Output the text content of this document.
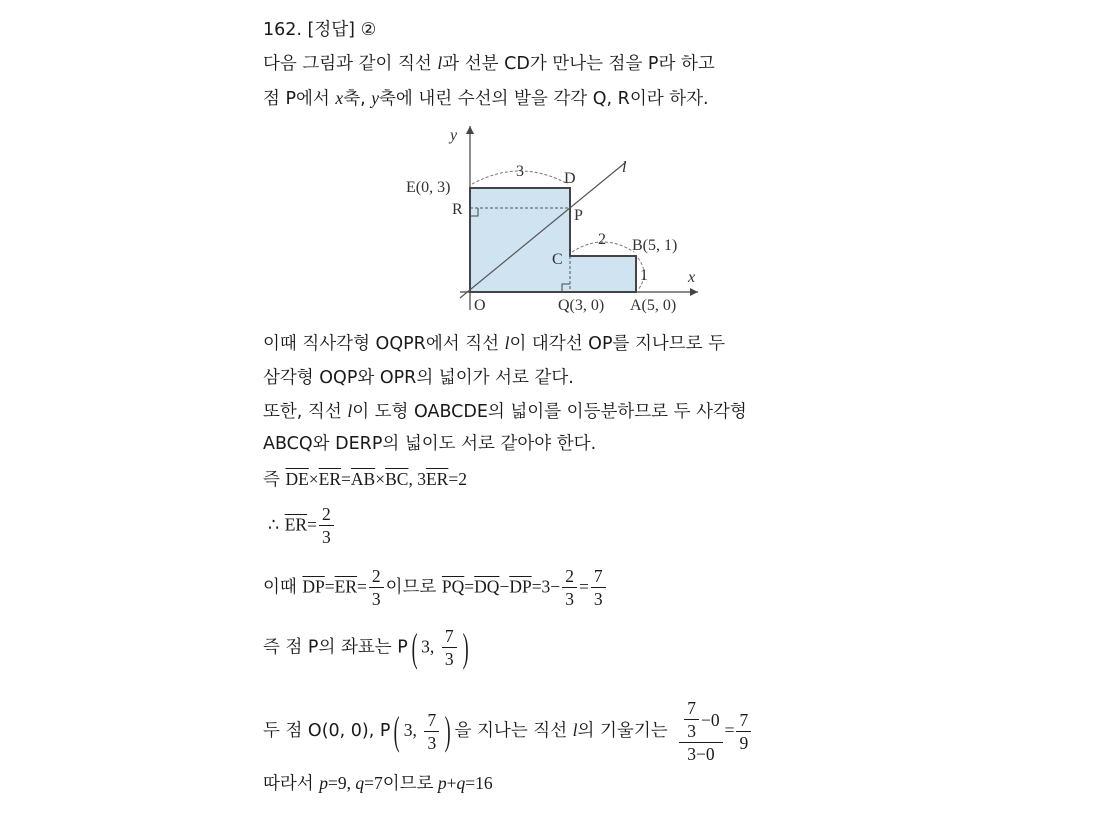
162. [정답] ②
다음 그림과 같이 직선 l과 선분 CD가 만나는 점을 P라 하고
점 P에서 x축, y축에 내린 수선의 발을 각각 Q, R이라 하자.
y
x
l
E(0, 3)
D
R	P
C
B(5, 1)
O	Q(3, 0) A(5, 0)
3
2
1
이때 직사각형 OQPR에서 직선 l이 대각선 OP를 지나므로 두
삼각형 OQP와 OPR의 넓이가 서로 같다.
또한, 직선 l이 도형 OABCDE의 넓이를 이등분하므로 두 사각형
ABCQ와 DERP의 넓이도 서로 같아야 한다.
즉 $\overline{DE}\times\overline{ER}=\overline{AB}\times\overline{BC}$, $3\overline{ER}=2$
∴ $\overline{ER}= \frac{2}{3}$
이때 $\overline{DP}=\overline{ER}= \frac{2}{3}$ 이므로 $\overline{PQ}=\overline{DQ}-\overline{DP}=3- \frac{2}{3} = \frac{7}{3}$
즉 점 P의 좌표는 P( 3, $\frac{7}{3}$ )
두 점 O(0, 0), P( 3, $\frac{7}{3}$ ) 을 지나는 직선 l의 기울기는 $\frac{\frac{7}{3} -0}{3-0} = \frac{7}{9}$
따라서 p=9, q=7이므로 p+q=16
